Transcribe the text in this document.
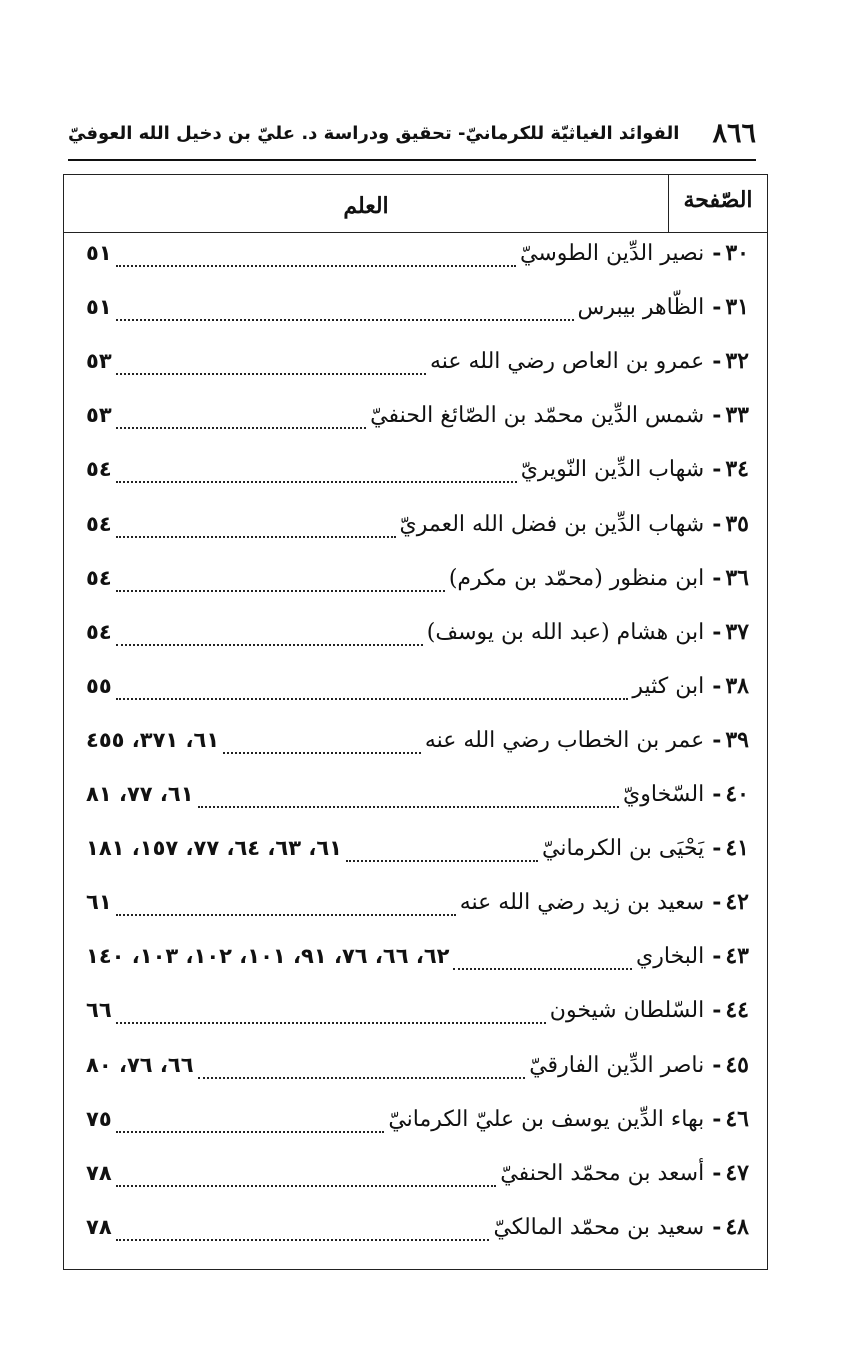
٨٦٦
الفوائد الغياثيّة للكرمانيّ- تحقيق ودراسة د. عليّ بن دخيل الله العوفيّ
الصّفحة
العلم
٣٠
-
نصير الدِّين الطوسيّ
٥١
٣١
-
الظّاهر بيبرس
٥١
٣٢
-
عمرو بن العاص رضي الله عنه
٥٣
٣٣
-
شمس الدِّين محمّد بن الصّائغ الحنفيّ
٥٣
٣٤
-
شهاب الدِّين النّويريّ
٥٤
٣٥
-
شهاب الدِّين بن فضل الله العمريّ
٥٤
٣٦
-
ابن منظور (محمّد بن مكرم)
٥٤
٣٧
-
ابن هشام (عبد الله بن يوسف)
٥٤
٣٨
-
ابن كثير
٥٥
٣٩
-
عمر بن الخطاب رضي الله عنه
٦١، ٣٧١، ٤٥٥
٤٠
-
السّخاويّ
٦١، ٧٧، ٨١
٤١
-
يَحْيَى بن الكرمانيّ
٦١، ٦٣، ٦٤، ٧٧، ١٥٧، ١٨١
٤٢
-
سعيد بن زيد رضي الله عنه
٦١
٤٣
-
البخاري
٦٢، ٦٦، ٧٦، ٩١، ١٠١، ١٠٢، ١٠٣، ١٤٠
٤٤
-
السّلطان شيخون
٦٦
٤٥
-
ناصر الدِّين الفارقيّ
٦٦، ٧٦، ٨٠
٤٦
-
بهاء الدِّين يوسف بن عليّ الكرمانيّ
٧٥
٤٧
-
أسعد بن محمّد الحنفيّ
٧٨
٤٨
-
سعيد بن محمّد المالكيّ
٧٨
